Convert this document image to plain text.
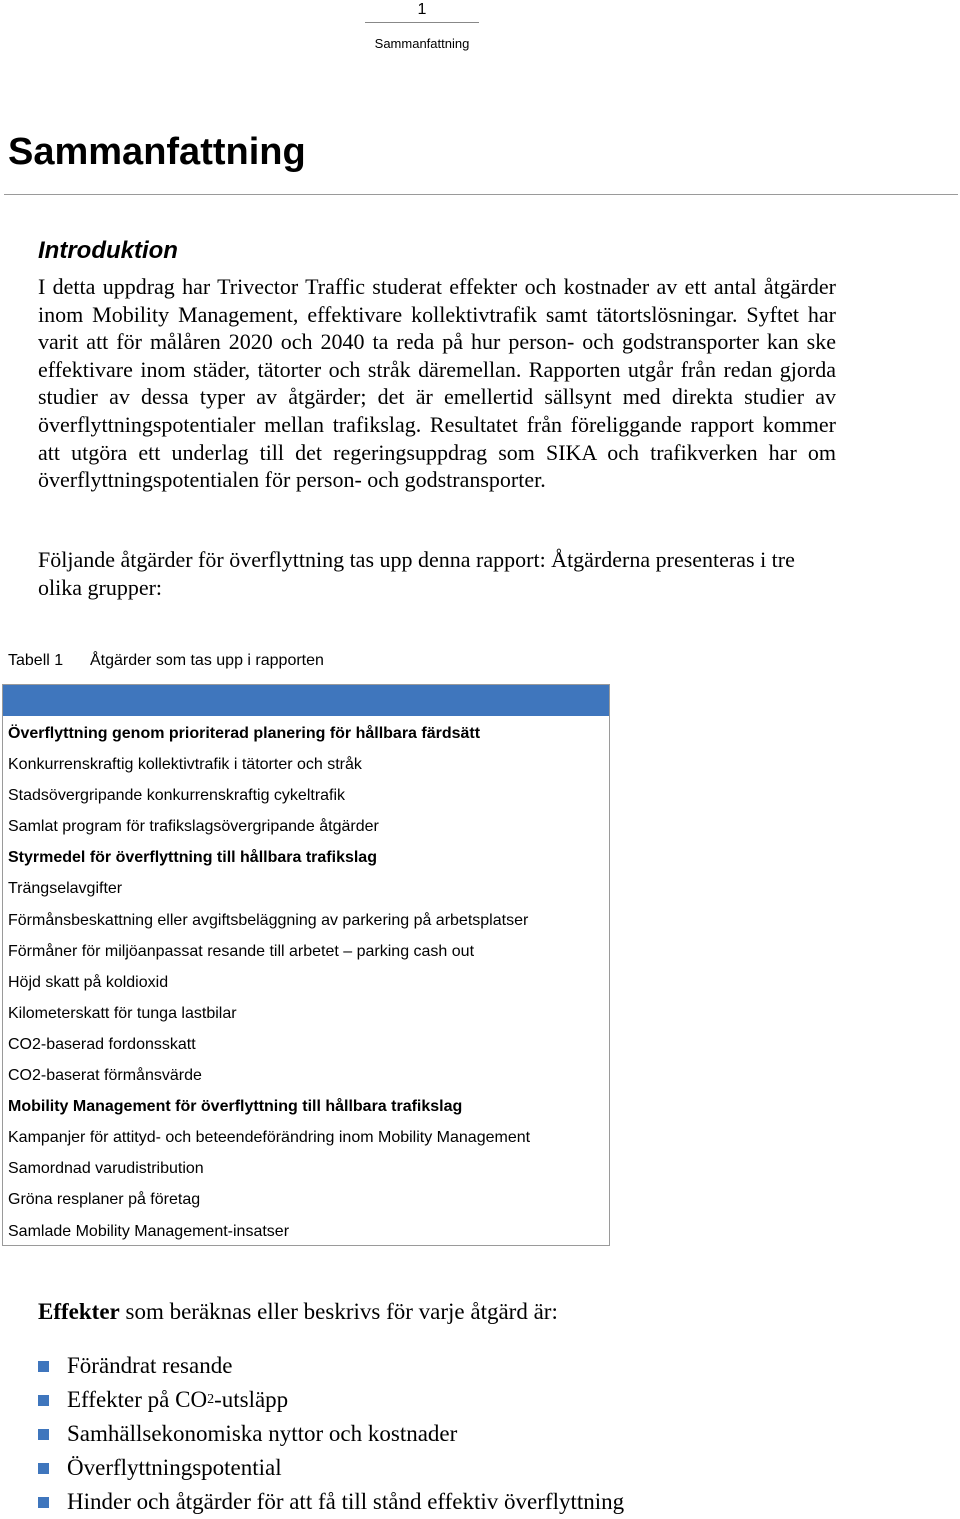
1
Sammanfattning
Sammanfattning
Introduktion

I detta uppdrag har Trivector Traffic studerat effekter och kostnader av ett antal åtgärder inom Mobility Management, effektivare kollektivtrafik samt tätortslösningar. Syftet har varit att för målåren 2020 och 2040 ta reda på hur person- och godstransporter kan ske effektivare inom städer, tätorter och stråk däremellan. Rapporten utgår från redan gjorda studier av dessa typer av åtgärder; det är emellertid sällsynt med direkta studier av överflyttningspotentialer mellan trafikslag. Resultatet från föreliggande rapport kommer att utgöra ett underlag till det regeringsuppdrag som SIKA och trafikverken har om överflyttningspotentialen för person- och godstransporter.

Följande åtgärder för överflyttning tas upp denna rapport: Åtgärderna presenteras i tre olika grupper:

Tabell 1 Åtgärder som tas upp i rapporten
Överflyttning genom prioriterad planering för hållbara färdsätt
Konkurrenskraftig kollektivtrafik i tätorter och stråk
Stadsövergripande konkurrenskraftig cykeltrafik
Samlat program för trafikslagsövergripande åtgärder
Styrmedel för överflyttning till hållbara trafikslag
Trängselavgifter
Förmånsbeskattning eller avgiftsbeläggning av parkering på arbetsplatser
Förmåner för miljöanpassat resande till arbetet – parking cash out
Höjd skatt på koldioxid
Kilometerskatt för tunga lastbilar
CO2-baserad fordonsskatt
CO2-baserat förmånsvärde
Mobility Management för överflyttning till hållbara trafikslag
Kampanjer för attityd- och beteendeförändring inom Mobility Management
Samordnad varudistribution
Gröna resplaner på företag
Samlade Mobility Management-insatser

Effekter som beräknas eller beskrivs för varje åtgärd är:

Förändrat resande
Effekter på CO 2 -utsläpp
Samhällsekonomiska nyttor och kostnader
Överflyttningspotential
Hinder och åtgärder för att få till stånd effektiv överflyttning
